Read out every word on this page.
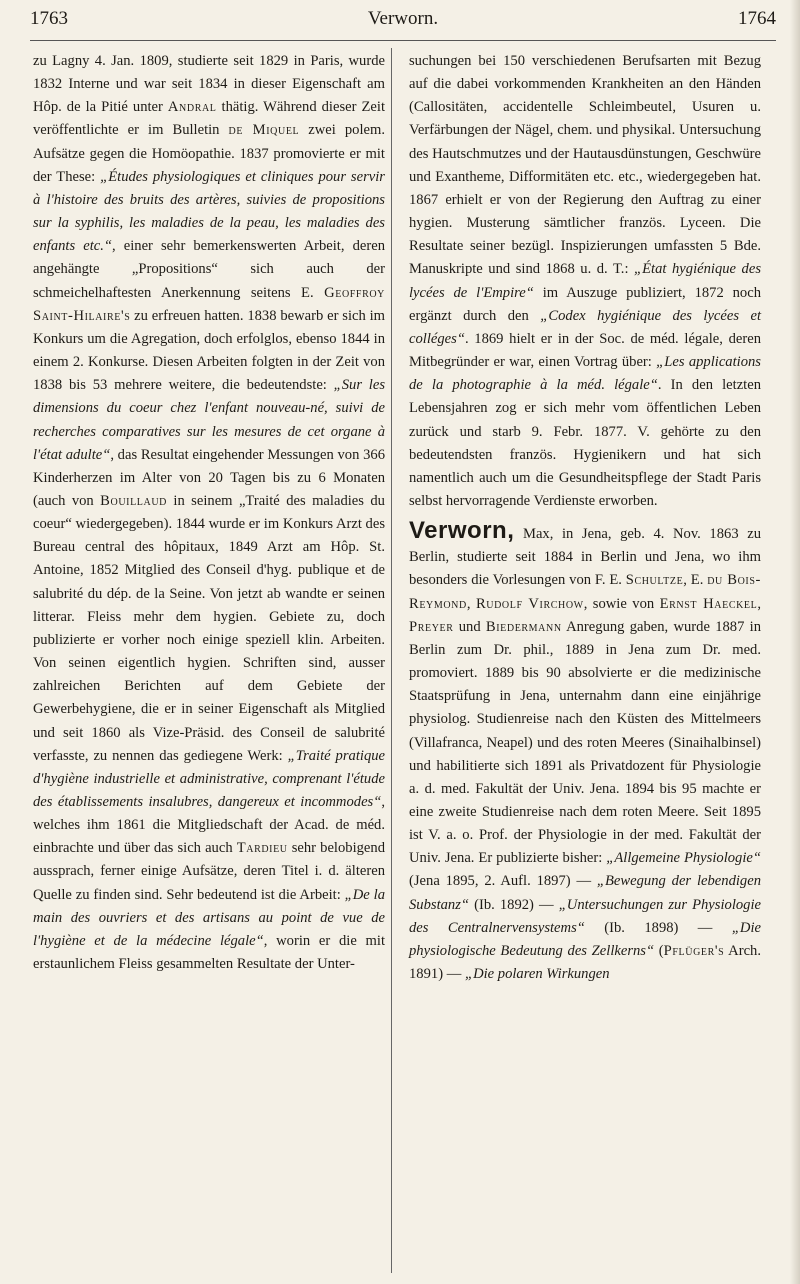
1763	Verworn.	1764

zu Lagny 4. Jan. 1809, studierte seit 1829 in Paris, wurde 1832 Interne und war seit 1834 in dieser Eigenschaft am Hôp. de la Pitié unter Andral thätig. Während dieser Zeit veröffentlichte er im Bulletin de Miquel zwei polem. Aufsätze gegen die Homöopathie. 1837 promovierte er mit der These: „Études physiologiques et cliniques pour servir à l'histoire des bruits des artères, suivies de propositions sur la syphilis, les maladies de la peau, les maladies des enfants etc.“, einer sehr bemerkenswerten Arbeit, deren angehängte „Propositions“ sich auch der schmeichelhaftesten Anerkennung seitens E. Geoffroy Saint-Hilaire's zu erfreuen hatten. 1838 bewarb er sich im Konkurs um die Agregation, doch erfolglos, ebenso 1844 in einem 2. Konkurse. Diesen Arbeiten folgten in der Zeit von 1838 bis 53 mehrere weitere, die bedeutendste: „Sur les dimensions du coeur chez l'enfant nouveau-né, suivi de recherches comparatives sur les mesures de cet organe à l'état adulte“, das Resultat eingehender Messungen von 366 Kinderherzen im Alter von 20 Tagen bis zu 6 Monaten (auch von Bouillaud in seinem „Traité des maladies du coeur“ wiedergegeben). 1844 wurde er im Konkurs Arzt des Bureau central des hôpitaux, 1849 Arzt am Hôp. St. Antoine, 1852 Mitglied des Conseil d'hyg. publique et de salubrité du dép. de la Seine. Von jetzt ab wandte er seinen litterar. Fleiss mehr dem hygien. Gebiete zu, doch publizierte er vorher noch einige speziell klin. Arbeiten. Von seinen eigentlich hygien. Schriften sind, ausser zahlreichen Berichten auf dem Gebiete der Gewerbehygiene, die er in seiner Eigenschaft als Mitglied und seit 1860 als Vize-Präsid. des Conseil de salubrité verfasste, zu nennen das gediegene Werk: „Traité pratique d'hygiène industrielle et administrative, comprenant l'étude des établissements insalubres, dangereux et incommodes“, welches ihm 1861 die Mitgliedschaft der Acad. de méd. einbrachte und über das sich auch Tardieu sehr belobigend aussprach, ferner einige Aufsätze, deren Titel i. d. älteren Quelle zu finden sind. Sehr bedeutend ist die Arbeit: „De la main des ouvriers et des artisans au point de vue de l'hygiène et de la médecine légale“, worin er die mit erstaunlichem Fleiss gesammelten Resultate der Unter-

suchungen bei 150 verschiedenen Berufsarten mit Bezug auf die dabei vorkommenden Krankheiten an den Händen (Callositäten, accidentelle Schleimbeutel, Usuren u. Verfärbungen der Nägel, chem. und physikal. Untersuchung des Hautschmutzes und der Hautausdünstungen, Geschwüre und Exantheme, Difformitäten etc. etc., wiedergegeben hat. 1867 erhielt er von der Regierung den Auftrag zu einer hygien. Musterung sämtlicher französ. Lyceen. Die Resultate seiner bezügl. Inspizierungen umfassten 5 Bde. Manuskripte und sind 1868 u. d. T.: „État hygiénique des lycées de l'Empire“ im Auszuge publiziert, 1872 noch ergänzt durch den „Codex hygiénique des lycées et colléges“. 1869 hielt er in der Soc. de méd. légale, deren Mitbegründer er war, einen Vortrag über: „Les applications de la photographie à la méd. légale“. In den letzten Lebensjahren zog er sich mehr vom öffentlichen Leben zurück und starb 9. Febr. 1877. V. gehörte zu den bedeutendsten französ. Hygienikern und hat sich namentlich auch um die Gesundheitspflege der Stadt Paris selbst hervorragende Verdienste erworben.

Verworn, Max, in Jena, geb. 4. Nov. 1863 zu Berlin, studierte seit 1884 in Berlin und Jena, wo ihm besonders die Vorlesungen von F. E. Schultze, E. du Bois-Reymond, Rudolf Virchow, sowie von Ernst Haeckel, Preyer und Biedermann Anregung gaben, wurde 1887 in Berlin zum Dr. phil., 1889 in Jena zum Dr. med. promoviert. 1889 bis 90 absolvierte er die medizinische Staatsprüfung in Jena, unternahm dann eine einjährige physiolog. Studienreise nach den Küsten des Mittelmeers (Villafranca, Neapel) und des roten Meeres (Sinaihalbinsel) und habilitierte sich 1891 als Privatdozent für Physiologie a. d. med. Fakultät der Univ. Jena. 1894 bis 95 machte er eine zweite Studienreise nach dem roten Meere. Seit 1895 ist V. a. o. Prof. der Physiologie in der med. Fakultät der Univ. Jena. Er publizierte bisher: „Allgemeine Physiologie“ (Jena 1895, 2. Aufl. 1897) — „Bewegung der lebendigen Substanz“ (Ib. 1892) — „Untersuchungen zur Physiologie des Centralnervensystems“ (Ib. 1898) — „Die physiologische Bedeutung des Zellkerns“ (Pflüger's Arch. 1891) — „Die polaren Wirkungen
